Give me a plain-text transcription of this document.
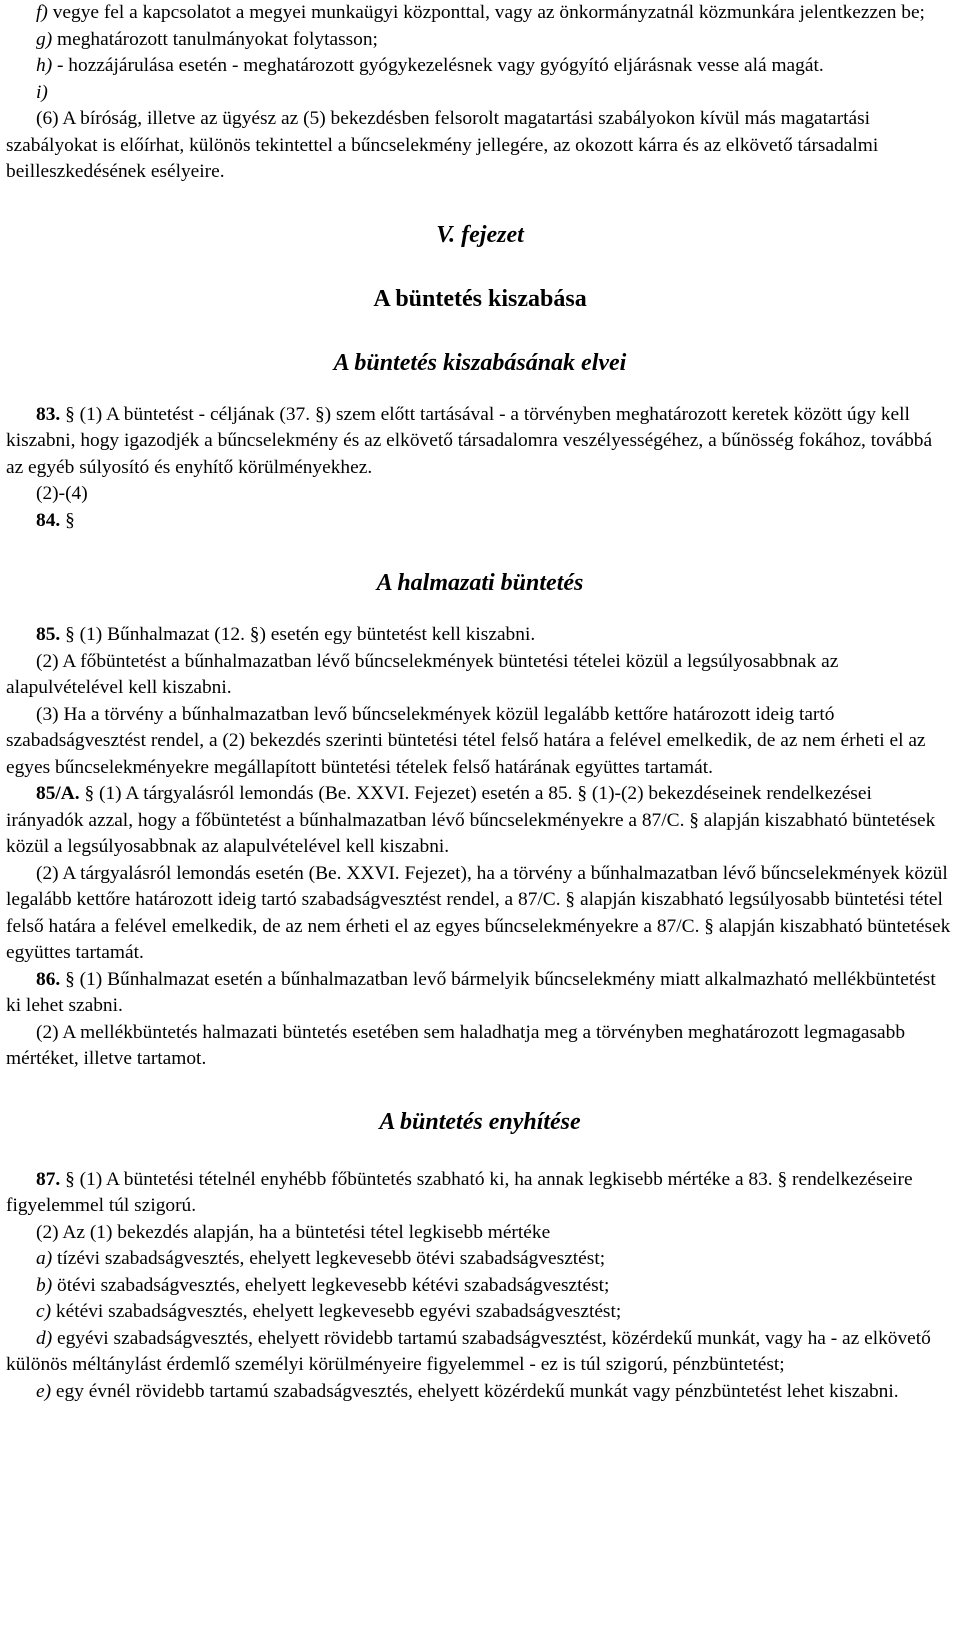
f) vegye fel a kapcsolatot a megyei munkaügyi központtal, vagy az önkormányzatnál közmunkára jelentkezzen be;

g) meghatározott tanulmányokat folytasson;

h) - hozzájárulása esetén - meghatározott gyógykezelésnek vagy gyógyító eljárásnak vesse alá magát.

i)

(6) A bíróság, illetve az ügyész az (5) bekezdésben felsorolt magatartási szabályokon kívül más magatartási szabályokat is előírhat, különös tekintettel a bűncselekmény jellegére, az okozott kárra és az elkövető társadalmi beilleszkedésének esélyeire.

V. fejezet

A büntetés kiszabása

A büntetés kiszabásának elvei

83. § (1) A büntetést - céljának (37. §) szem előtt tartásával - a törvényben meghatározott keretek között úgy kell kiszabni, hogy igazodjék a bűncselekmény és az elkövető társadalomra veszélyességéhez, a bűnösség fokához, továbbá az egyéb súlyosító és enyhítő körülményekhez.

(2)-(4)

84. §

A halmazati büntetés

85. § (1) Bűnhalmazat (12. §) esetén egy büntetést kell kiszabni.

(2) A főbüntetést a bűnhalmazatban lévő bűncselekmények büntetési tételei közül a legsúlyosabbnak az alapulvételével kell kiszabni.

(3) Ha a törvény a bűnhalmazatban levő bűncselekmények közül legalább kettőre határozott ideig tartó szabadságvesztést rendel, a (2) bekezdés szerinti büntetési tétel felső határa a felével emelkedik, de az nem érheti el az egyes bűncselekményekre megállapított büntetési tételek felső határának együttes tartamát.

85/A. § (1) A tárgyalásról lemondás (Be. XXVI. Fejezet) esetén a 85. § (1)-(2) bekezdéseinek rendelkezései irányadók azzal, hogy a főbüntetést a bűnhalmazatban lévő bűncselekményekre a 87/C. § alapján kiszabható büntetések közül a legsúlyosabbnak az alapulvételével kell kiszabni.

(2) A tárgyalásról lemondás esetén (Be. XXVI. Fejezet), ha a törvény a bűnhalmazatban lévő bűncselekmények közül legalább kettőre határozott ideig tartó szabadságvesztést rendel, a 87/C. § alapján kiszabható legsúlyosabb büntetési tétel felső határa a felével emelkedik, de az nem érheti el az egyes bűncselekményekre a 87/C. § alapján kiszabható büntetések együttes tartamát.

86. § (1) Bűnhalmazat esetén a bűnhalmazatban levő bármelyik bűncselekmény miatt alkalmazható mellékbüntetést ki lehet szabni.

(2) A mellékbüntetés halmazati büntetés esetében sem haladhatja meg a törvényben meghatározott legmagasabb mértéket, illetve tartamot.

A büntetés enyhítése

87. § (1) A büntetési tételnél enyhébb főbüntetés szabható ki, ha annak legkisebb mértéke a 83. § rendelkezéseire figyelemmel túl szigorú.

(2) Az (1) bekezdés alapján, ha a büntetési tétel legkisebb mértéke

a) tízévi szabadságvesztés, ehelyett legkevesebb ötévi szabadságvesztést;

b) ötévi szabadságvesztés, ehelyett legkevesebb kétévi szabadságvesztést;

c) kétévi szabadságvesztés, ehelyett legkevesebb egyévi szabadságvesztést;

d) egyévi szabadságvesztés, ehelyett rövidebb tartamú szabadságvesztést, közérdekű munkát, vagy ha - az elkövető különös méltánylást érdemlő személyi körülményeire figyelemmel - ez is túl szigorú, pénzbüntetést;

e) egy évnél rövidebb tartamú szabadságvesztés, ehelyett közérdekű munkát vagy pénzbüntetést lehet kiszabni.
